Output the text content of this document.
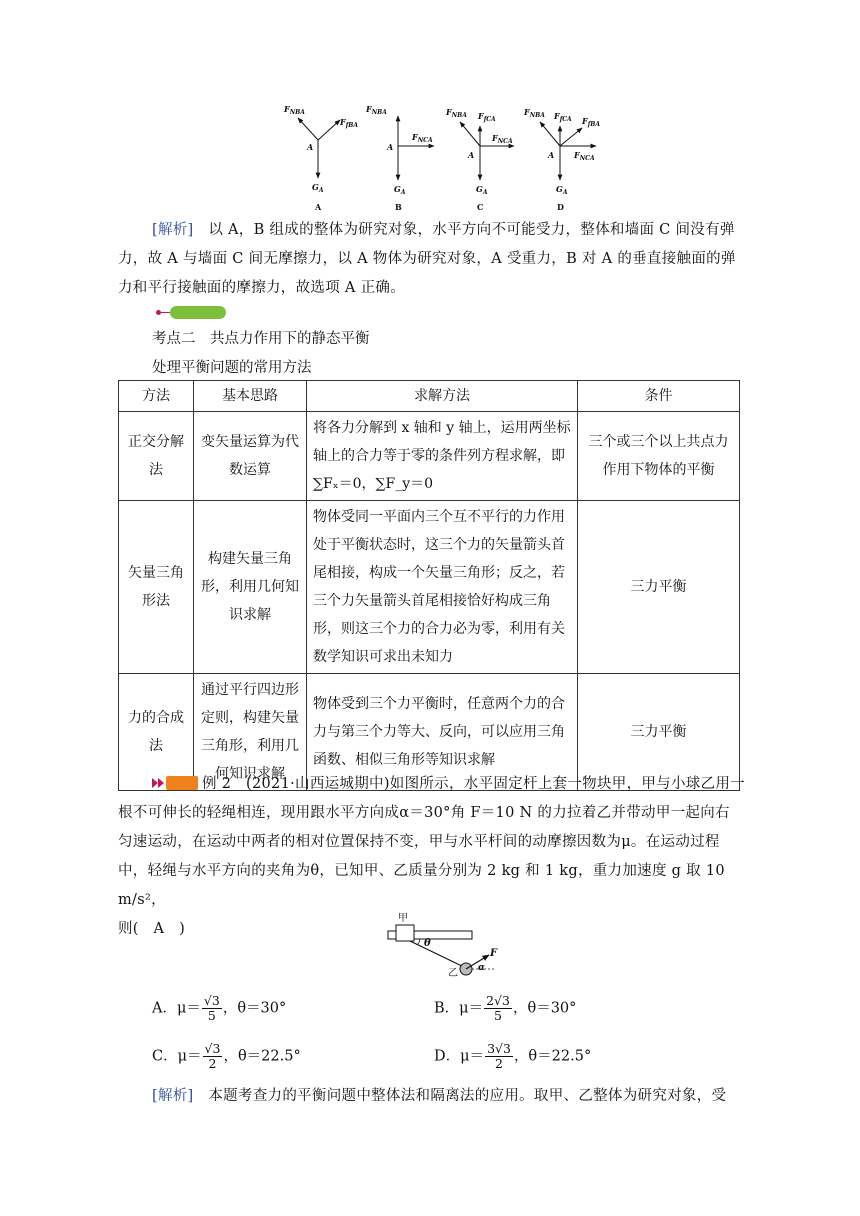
$F_{NBA}$
$F_{fBA}$
A
$G_A$
A
$F_{NBA}$
$F_{NCA}$
A
$G_A$
B
$F_{NBA}$ $F_{fCA}$
$F_{NCA}$
A
$G_A$
C
$F_{NBA}$ $F_{fCA}$ $F_{fBA}$
$F_{NCA}$
A
$G_A$
D
[解析]　 以 A，B 组成的整体为研究对象，水平方向不可能受力，整体和墙面 C 间没有弹
力，故 A 与墙面 C 间无摩擦力，以 A 物体为研究对象，A 受重力，B 对 A 的垂直接触面的弹
力和平行接触面的摩擦力，故选项 A 正确。
考点二　共点力作用下的静态平衡
处理平衡问题的常用方法
方法	基本思路	求解方法	条件
正交分解法	变矢量运算为代数运算	将各力分解到 x 轴和 y 轴上，运用两坐标轴上的合力等于零的条件列方程求解，即∑Fₓ＝0，∑F_y＝0	三个或三个以上共点力作用下物体的平衡
矢量三角形法	构建矢量三角形，利用几何知识求解	物体受同一平面内三个互不平行的力作用处于平衡状态时，这三个力的矢量箭头首尾相接，构成一个矢量三角形；反之，若三个力矢量箭头首尾相接恰好构成三角形，则这三个力的合力必为零，利用有关数学知识可求出未知力	三力平衡
力的合成法	通过平行四边形定则，构建矢量三角形，利用几何知识求解	物体受到三个力平衡时，任意两个力的合力与第三个力等大、反向，可以应用三角函数、相似三角形等知识求解	三力平衡
例 2　 (2021·山西运城期中)如图所示，水平固定杆上套一物块甲，甲与小球乙用一
根不可伸长的轻绳相连，现用跟水平方向成α＝30°角 F＝10 N 的力拉着乙并带动甲一起向右
匀速运动，在运动中两者的相对位置保持不变，甲与水平杆间的动摩擦因数为μ。在运动过程
中，轻绳与水平方向的夹角为θ，已知甲、乙质量分别为 2 kg 和 1 kg，重力加速度 g 取 10 m/s²，
则(　A　)
甲
θ
乙 α
F
A．$\mu= \frac{√3}{5}$ ，θ＝30°	B．$\mu= \frac{2√3}{5}$ ，θ＝30°
C．$\mu= \frac{√3}{2}$ ，θ＝22.5°	D．$\mu= \frac{3√3}{2}$ ，θ＝22.5°
[解析]　 本题考查力的平衡问题中整体法和隔离法的应用。取甲、乙整体为研究对象，受
